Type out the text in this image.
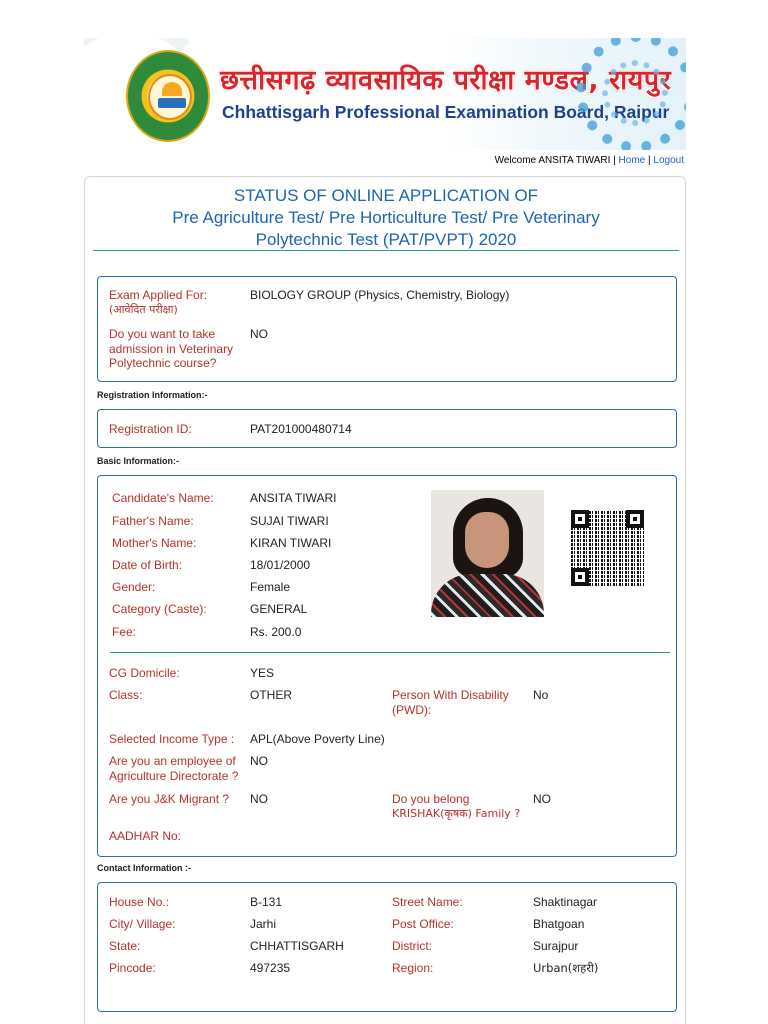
छत्तीसगढ़ व्यावसायिक परीक्षा मण्डल, रायपुर
Chhattisgarh Professional Examination Board, Raipur
Welcome ANSITA TIWARI | Home | Logout
STATUS OF ONLINE APPLICATION OF
Pre Agriculture Test/ Pre Horticulture Test/ Pre Veterinary
Polytechnic Test (PAT/PVPT) 2020
Exam Applied For:
(आवेदित परीक्षा)
BIOLOGY GROUP (Physics, Chemistry, Biology)
Do you want to take
admission in Veterinary
Polytechnic course?
NO
Registration Information:-
Registration ID:	PAT201000480714
Basic Information:-
Candidate's Name:	ANSITA TIWARI
Father's Name:	SUJAI TIWARI
Mother's Name:	KIRAN TIWARI
Date of Birth:	18/01/2000
Gender:	Female
Category (Caste):	GENERAL
Fee:	Rs. 200.0
CG Domicile:	YES
Class:	OTHER	Person With Disability
(PWD):
No
Selected Income Type : APL(Above Poverty Line)
Are you an employee of
Agriculture Directorate ?
NO
Are you J&K Migrant ? NO	Do you belong
KRISHAK(कृषक) Family ?
NO
AADHAR No:
Contact Information :-
House No.:	B-131	Street Name:	Shaktinagar
City/ Village:	Jarhi	Post Office:	Bhatgoan
State:	CHHATTISGARH	District:	Surajpur
Pincode:	497235	Region:	Urban(शहरी)
